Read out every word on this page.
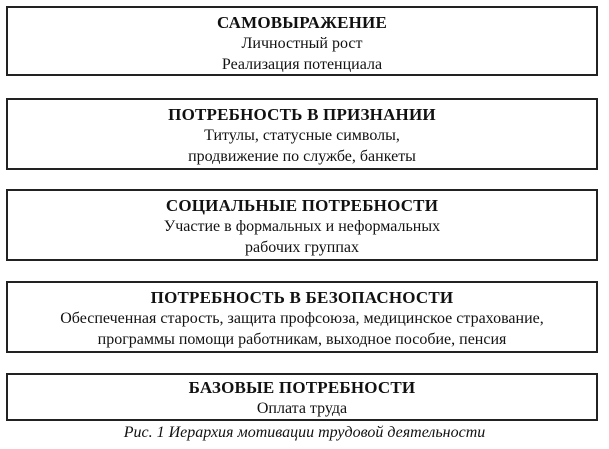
САМОВЫРАЖЕНИЕ
Личностный рост
Реализация потенциала
ПОТРЕБНОСТЬ В ПРИЗНАНИИ
Титулы, статусные символы,
продвижение по службе, банкеты
СОЦИАЛЬНЫЕ ПОТРЕБНОСТИ
Участие в формальных и неформальных
рабочих группах
ПОТРЕБНОСТЬ В БЕЗОПАСНОСТИ
Обеспеченная старость, защита профсоюза, медицинское страхование,
программы помощи работникам, выходное пособие, пенсия
БАЗОВЫЕ ПОТРЕБНОСТИ
Оплата труда
Рис. 1 Иерархия мотивации трудовой деятельности
